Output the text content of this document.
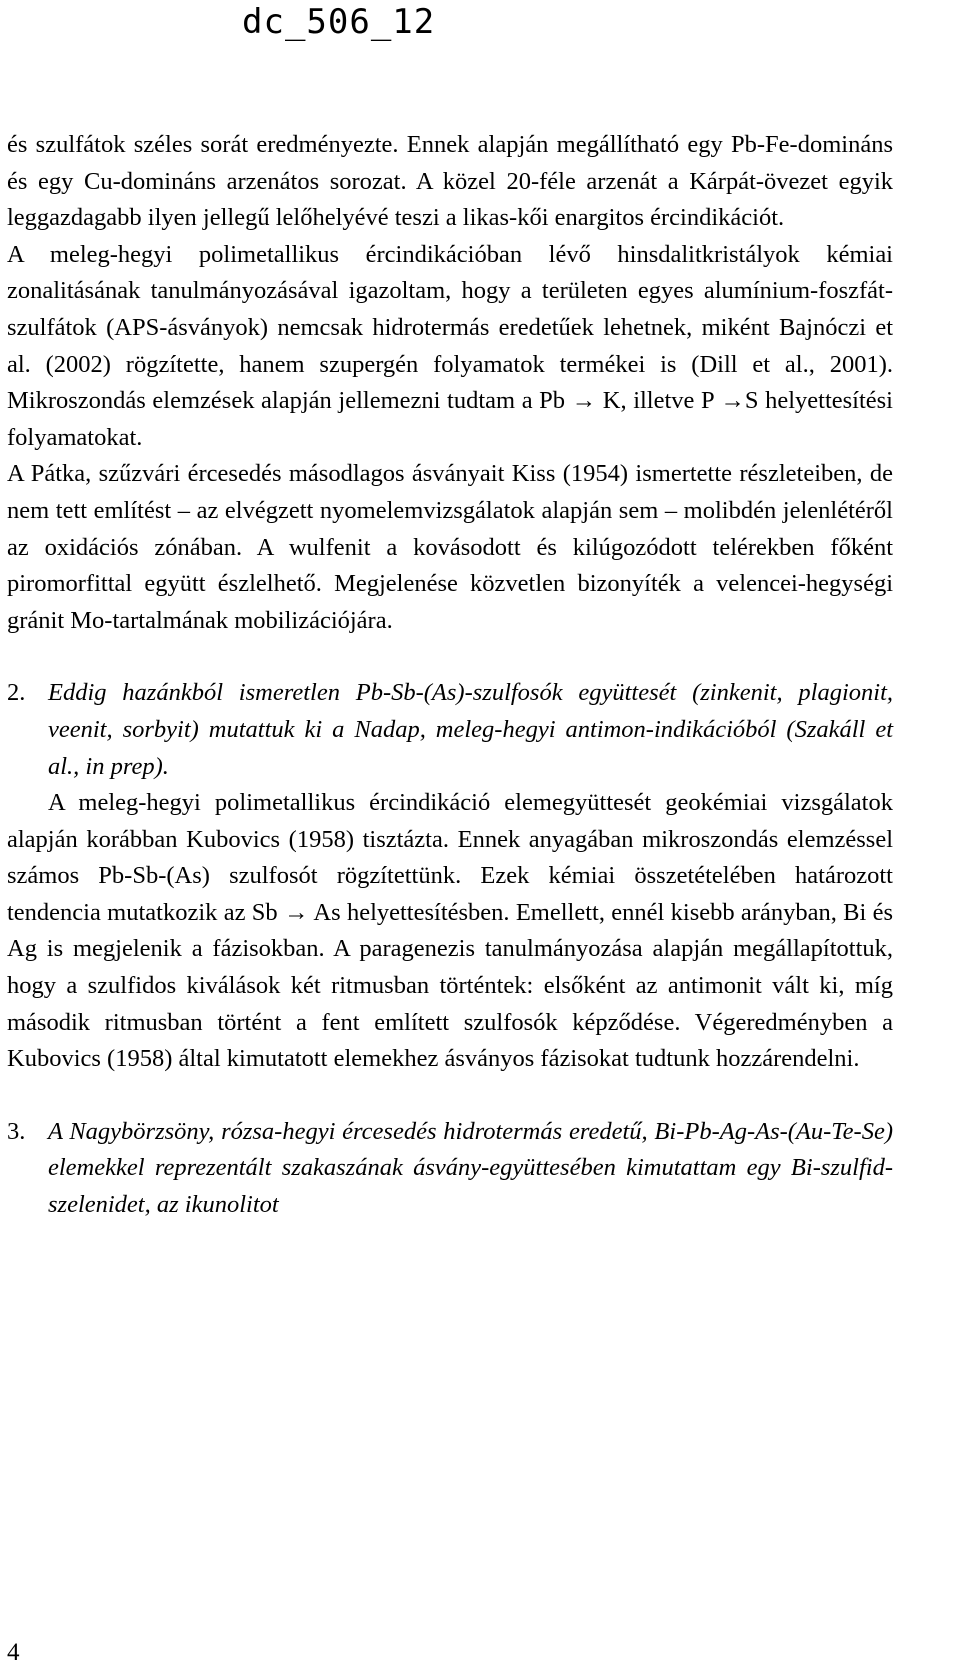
dc_506_12

és szulfátok széles sorát eredményezte. Ennek alapján megállítható egy Pb-Fe-domináns és egy Cu-domináns arzenátos sorozat. A közel 20-féle arzenát a Kárpát-övezet egyik leggazdagabb ilyen jellegű lelőhelyévé teszi a likas-kői enargitos ércindikációt.

A meleg-hegyi polimetallikus ércindikációban lévő hinsdalitkristályok kémiai zonalitásának tanulmányozásával igazoltam, hogy a területen egyes alumínium-foszfát-szulfátok (APS-ásványok) nemcsak hidrotermás eredetűek lehetnek, miként Bajnóczi et al. (2002) rögzítette, hanem szupergén folyamatok termékei is (Dill et al., 2001). Mikroszondás elemzések alapján jellemezni tudtam a Pb → K, illetve P →S helyettesítési folyamatokat.

A Pátka, szűzvári ércesedés másodlagos ásványait Kiss (1954) ismertette részleteiben, de nem tett említést – az elvégzett nyomelemvizsgálatok alapján sem – molibdén jelenlétéről az oxidációs zónában. A wulfenit a kovásodott és kilúgozódott telérekben főként piromorfittal együtt észlelhető. Megjelenése közvetlen bizonyíték a velencei-hegységi gránit Mo-tartalmának mobilizációjára.

2. Eddig hazánkból ismeretlen Pb-Sb-(As)-szulfosók együttesét (zinkenit, plagionit, veenit, sorbyit) mutattuk ki a Nadap, meleg-hegyi antimon-indikációból (Szakáll et al., in prep).

A meleg-hegyi polimetallikus ércindikáció elemegyüttesét geokémiai vizsgálatok alapján korábban Kubovics (1958) tisztázta. Ennek anyagában mikroszondás elemzéssel számos Pb-Sb-(As) szulfosót rögzítettünk. Ezek kémiai összetételében határozott tendencia mutatkozik az Sb → As helyettesítésben. Emellett, ennél kisebb arányban, Bi és Ag is megjelenik a fázisokban. A paragenezis tanulmányozása alapján megállapítottuk, hogy a szulfidos kiválások két ritmusban történtek: elsőként az antimonit vált ki, míg második ritmusban történt a fent említett szulfosók képződése. Végeredményben a Kubovics (1958) által kimutatott elemekhez ásványos fázisokat tudtunk hozzárendelni.

3. A Nagybörzsöny, rózsa-hegyi ércesedés hidrotermás eredetű, Bi-Pb-Ag-As-(Au-Te-Se) elemekkel reprezentált szakaszának ásvány-együttesében kimutattam egy Bi-szulfid-szelenidet, az ikunolitot
4
